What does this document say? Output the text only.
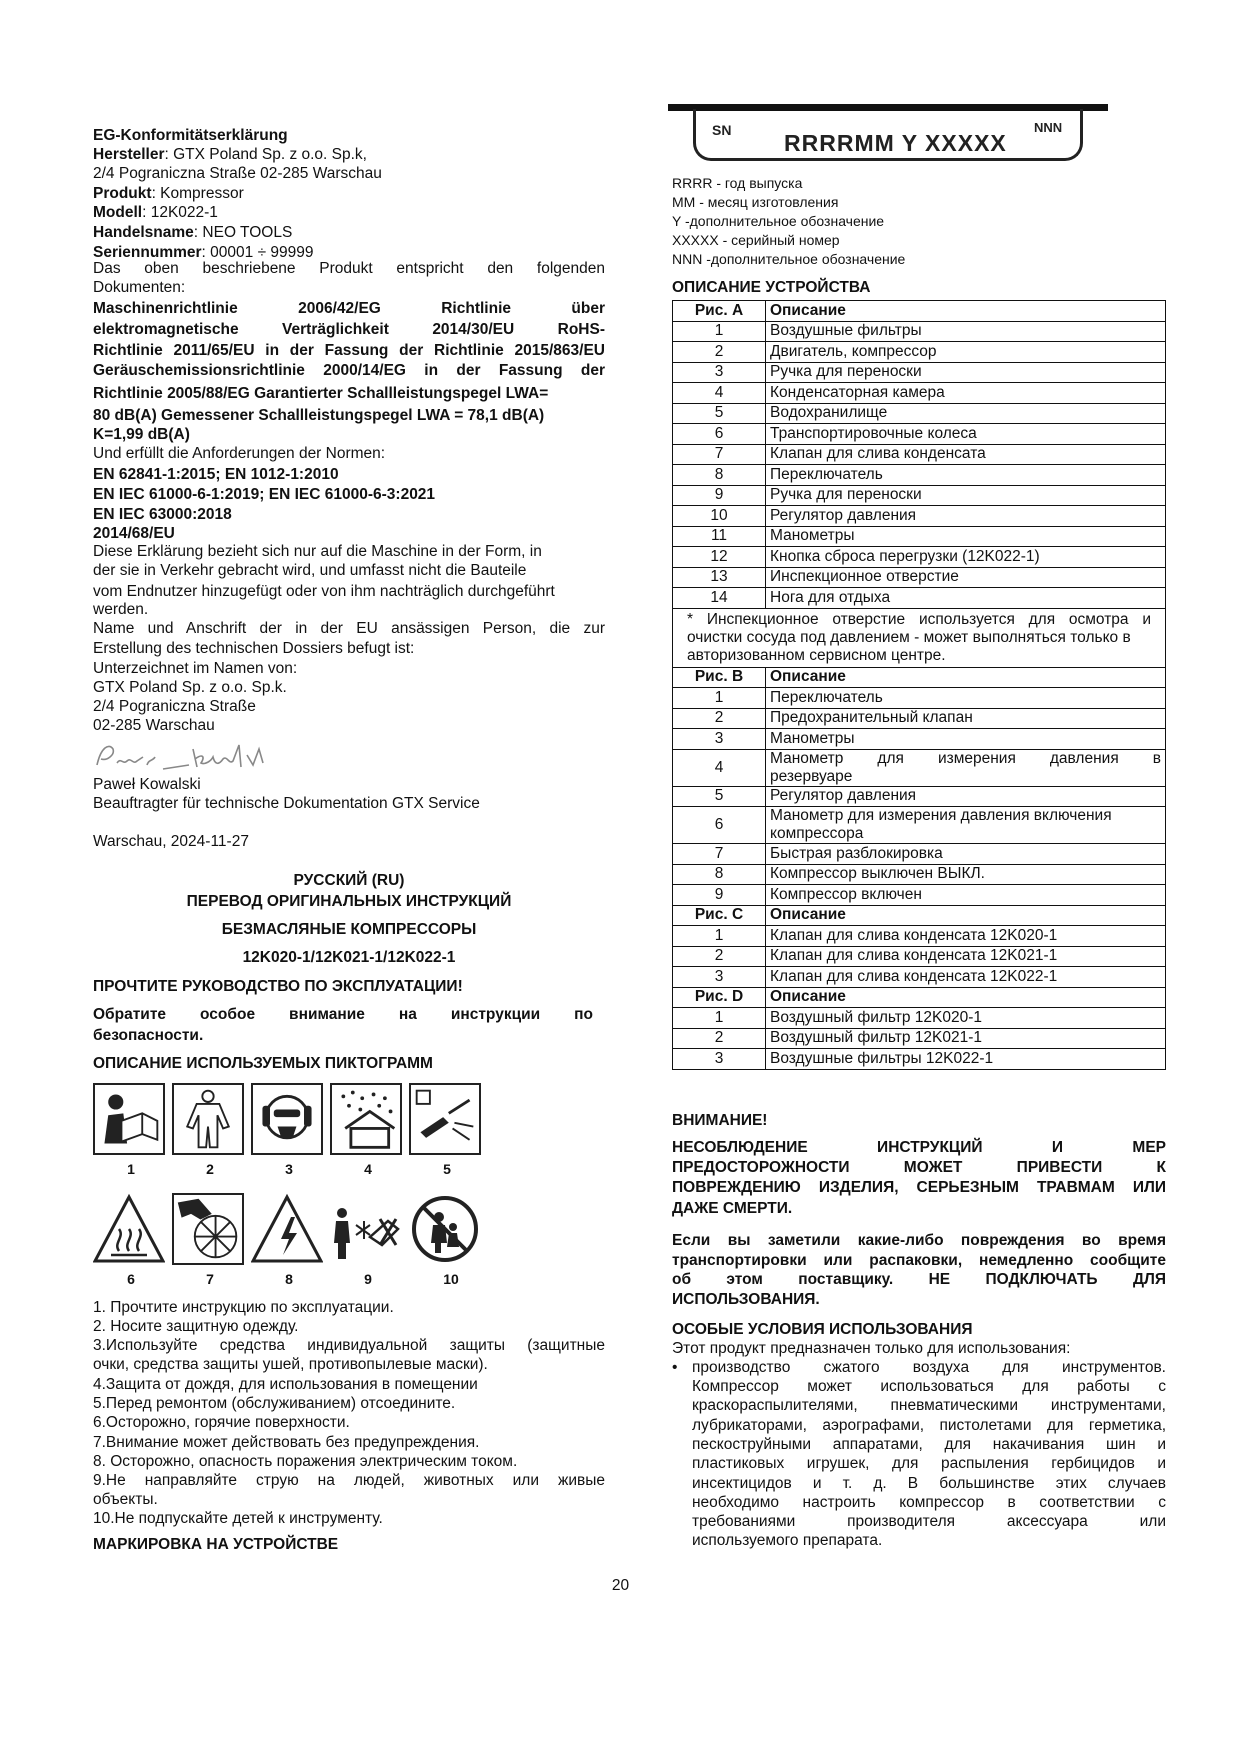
EG-Konformitätserklärung
Hersteller: GTX Poland Sp. z o.o. Sp.k,
2/4 Pograniczna Straße 02-285 Warschau
Produkt: Kompressor
Modell: 12K022-1
Handelsname: NEO TOOLS
Seriennummer: 00001 ÷ 99999
Das oben beschriebene Produkt entspricht den folgenden
Dokumenten:
Maschinenrichtlinie 2006/42/EG Richtlinie über
elektromagnetische Verträglichkeit 2014/30/EU RoHS-
Richtlinie 2011/65/EU in der Fassung der Richtlinie 2015/863/EU
Geräuschemissionsrichtlinie 2000/14/EG in der Fassung der
Richtlinie 2005/88/EG Garantierter Schallleistungspegel LWA=
80 dB(A) Gemessener Schallleistungspegel LWA = 78,1 dB(A)
K=1,99 dB(A)
Und erfüllt die Anforderungen der Normen:
EN 62841-1:2015; EN 1012-1:2010
EN IEC 61000-6-1:2019; EN IEC 61000-6-3:2021
EN IEC 63000:2018
2014/68/EU
Diese Erklärung bezieht sich nur auf die Maschine in der Form, in
der sie in Verkehr gebracht wird, und umfasst nicht die Bauteile
vom Endnutzer hinzugefügt oder von ihm nachträglich durchgeführt
werden.
Name und Anschrift der in der EU ansässigen Person, die zur
Erstellung des technischen Dossiers befugt ist:
Unterzeichnet im Namen von:
GTX Poland Sp. z o.o. Sp.k.
2/4 Pograniczna Straße
02-285 Warschau
Paweł Kowalski
Beauftragter für technische Dokumentation GTX Service
Warschau, 2024-11-27
РУССКИЙ (RU)
ПЕРЕВОД ОРИГИНАЛЬНЫХ ИНСТРУКЦИЙ
БЕЗМАСЛЯНЫЕ КОМПРЕССОРЫ
12K020-1/12K021-1/12K022-1
ПРОЧТИТЕ РУКОВОДСТВО ПО ЭКСПЛУАТАЦИИ!
Обратите особое внимание на инструкции по
безопасности.
ОПИСАНИЕ ИСПОЛЬЗУЕМЫХ ПИКТОГРАММ
1	2	3	4	5
6	7	8	9	10
1. Прочтите инструкцию по эксплуатации.
2. Носите защитную одежду.
3.Используйте средства индивидуальной защиты (защитные
очки, средства защиты ушей, противопылевые маски).
4.Защита от дождя, для использования в помещении
5.Перед ремонтом (обслуживанием) отсоедините.
6.Осторожно, горячие поверхности.
7.Внимание может действовать без предупреждения.
8. Осторожно, опасность поражения электрическим током.
9.Не направляйте струю на людей, животных или живые
объекты.
10.Не подпускайте детей к инструменту.
МАРКИРОВКА НА УСТРОЙСТВЕ
SN RRRRMM Y XXXXX
NNN
RRRR - год выпуска
MM - месяц изготовления
Y -дополнительное обозначение
XXXXX - серийный номер
NNN -дополнительное обозначение
ОПИСАНИЕ УСТРОЙСТВА
Рис. A	Описание
1	Воздушные фильтры
2	Двигатель, компрессор
3	Ручка для переноски
4	Конденсаторная камера
5	Водохранилище
6	Транспортировочные колеса
7	Клапан для слива конденсата
8	Переключатель
9	Ручка для переноски
10	Регулятор давления
11	Манометры
12	Кнопка сброса перегрузки (12K022-1)
13	Инспекционное отверстие
14	Нога для отдыха

* Инспекционное отверстие используется для осмотра и
очистки сосуда под давлением - может выполняться только в
авторизованном сервисном центре.	

Рис. B	Описание
1	Переключатель
2	Предохранительный клапан
3	Манометры
4	Манометр для измерения давления в
резервуаре

5	Регулятор давления
6	Манометр для измерения давления включения
компрессора

7	Быстрая разблокировка
8	Компрессор выключен ВЫКЛ.
9	Компрессор включен
Рис. C	Описание
1	Клапан для слива конденсата 12K020-1
2	Клапан для слива конденсата 12K021-1
3	Клапан для слива конденсата 12K022-1
Рис. D	Описание
1	Воздушный фильтр 12K020-1
2	Воздушный фильтр 12K021-1
3	Воздушные фильтры 12K022-1
ВНИМАНИЕ!
НЕСОБЛЮДЕНИЕ ИНСТРУКЦИЙ И МЕР
ПРЕДОСТОРОЖНОСТИ МОЖЕТ ПРИВЕСТИ К
ПОВРЕЖДЕНИЮ ИЗДЕЛИЯ, СЕРЬЕЗНЫМ ТРАВМАМ ИЛИ
ДАЖЕ СМЕРТИ.
Если вы заметили какие-либо повреждения во время
транспортировки или распаковки, немедленно сообщите
об этом поставщику. НЕ ПОДКЛЮЧАТЬ ДЛЯ
ИСПОЛЬЗОВАНИЯ.
ОСОБЫЕ УСЛОВИЯ ИСПОЛЬЗОВАНИЯ
Этот продукт предназначен только для использования:
• производство сжатого воздуха для инструментов.
Компрессор может использоваться для работы с
краскораспылителями, пневматическими инструментами,
лубрикаторами, аэрографами, пистолетами для герметика,
пескоструйными аппаратами, для накачивания шин и
пластиковых игрушек, для распыления гербицидов и
инсектицидов и т. д. В большинстве этих случаев
необходимо настроить компрессор в соответствии с
требованиями производителя аксессуара или
используемого препарата.
20
